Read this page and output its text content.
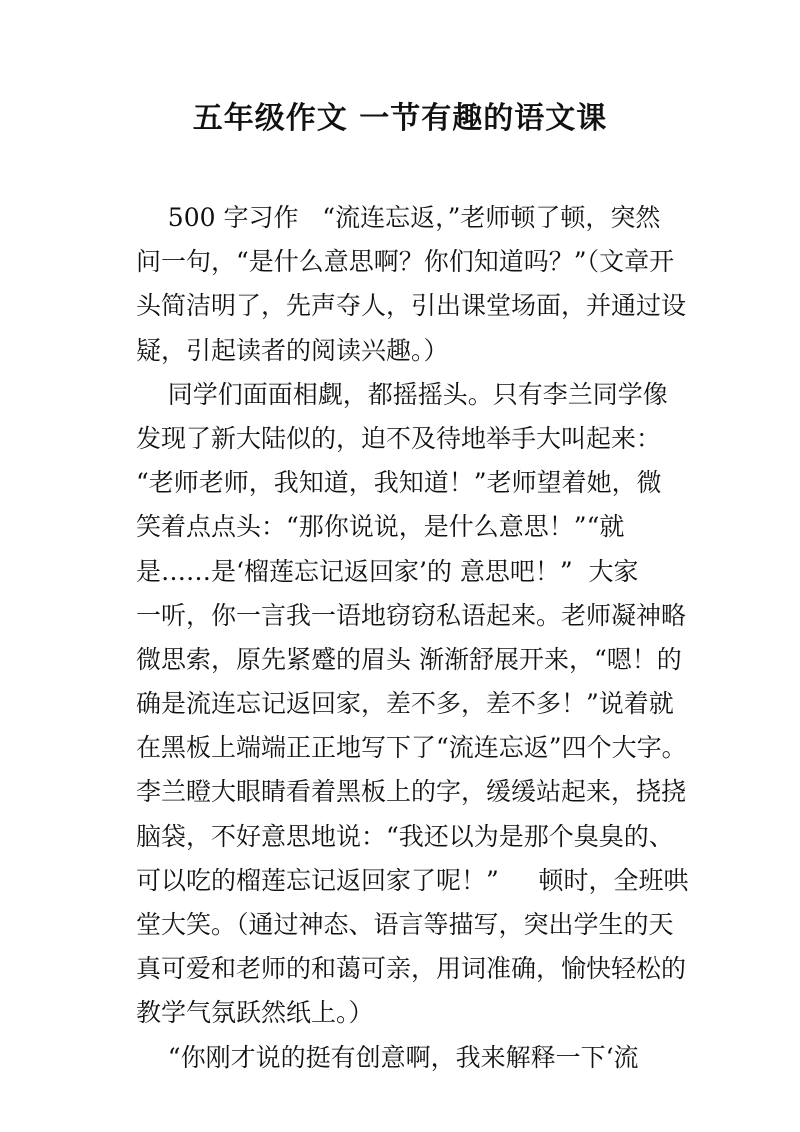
五年级作文 一节有趣的语文课
500 字习作   “流连忘返，”老师顿了顿，突然
问一句，“是什么意思啊？你们知道吗？”（文章开
头简洁明了，先声夺人，引出课堂场面，并通过设
疑，引起读者的阅读兴趣。）
同学们面面相觑，都摇摇头。只有李兰同学像
发现了新大陆似的，迫不及待地举手大叫起来：
“老师老师，我知道，我知道！”老师望着她，微
笑着点点头：“那你说说，是什么意思！”“就
是……是‘榴莲忘记返回家’的 意思吧！”  大家
一听，你一言我一语地窃窃私语起来。老师凝神略
微思索，原先紧蹙的眉头 渐渐舒展开来，“嗯！的
确是流连忘记返回家，差不多，差不多！”说着就
在黑板上端端正正地写下了“流连忘返”四个大字。
李兰瞪大眼睛看着黑板上的字，缓缓站起来，挠挠
脑袋，不好意思地说：“我还以为是那个臭臭的、
可以吃的榴莲忘记返回家了呢！”     顿时，全班哄
堂大笑。（通过神态、语言等描写，突出学生的天
真可爱和老师的和蔼可亲，用词准确，愉快轻松的
教学气氛跃然纸上。）
“你刚才说的挺有创意啊，我来解释一下‘流
